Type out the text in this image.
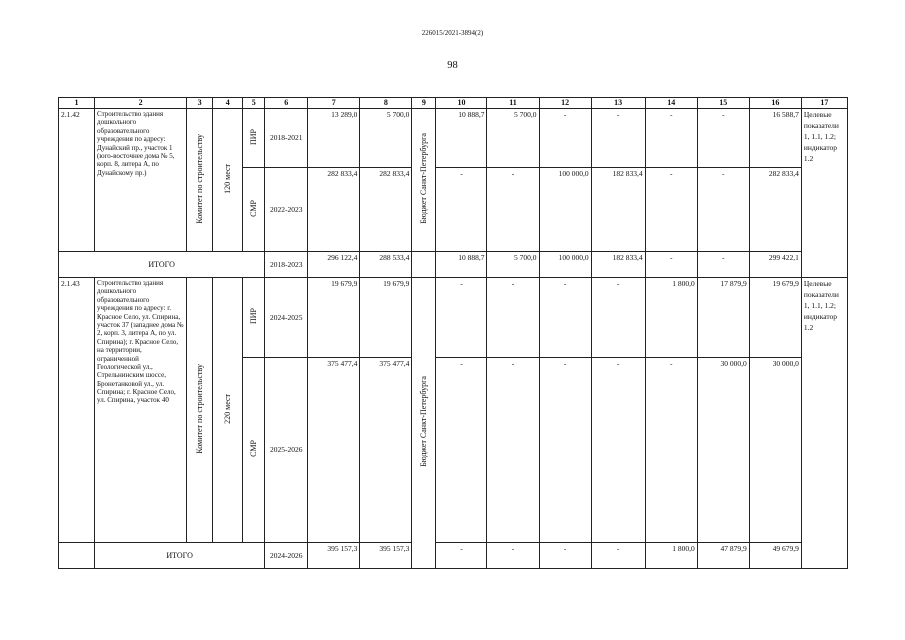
226015/2021-3894(2)
98
1	2	3	4	5	6	7	8	9	10	11	12	13	14	15	16	17
2.1.42	Строительство здания дошкольного образовательного учреждения по адресу: Дунайский пр., участок 1 (юго-восточнее дома № 5, корп. 8, литера А, по Дунайскому пр.)	Комитет по строительству	120 мест	ПИР	2018-2021	13 289,0	5 700,0	Бюджет Санкт-Петербурга	10 888,7	5 700,0	-	-	-	-	16 588,7	Целевые показатели 1, 1.1, 1.2; индикатор 1.2
				СМР	2022-2023	282 833,4	282 833,4		-	-	100 000,0	182 833,4	-	-	282 833,4	
ИТОГО					2018-2023	296 122,4	288 533,4		10 888,7	5 700,0	100 000,0	182 833,4	-	-	299 422,1	
2.1.43	Строительство здания дошкольного образовательного учреждения по адресу: г. Красное Село, ул. Спирина, участок 37 (западнее дома № 2, корп. 3, литера А, по ул. Спирина); г. Красное Село, на территории, ограниченной Геологической ул., Стрельнинским шоссе, Бронетанковой ул., ул. Спирина; г. Красное Село, ул. Спирина, участок 40	Комитет по строительству	220 мест	ПИР	2024-2025	19 679,9	19 679,9	Бюджет Санкт-Петербурга	-	-	-	-	1 800,0	17 879,9	19 679,9	Целевые показатели 1, 1.1, 1.2; индикатор 1.2
				СМР	2025-2026	375 477,4	375 477,4		-	-	-	-	-	30 000,0	30 000,0	
	ИТОГО				2024-2026	395 157,3	395 157,3		-	-	-	-	1 800,0	47 879,9	49 679,9	
